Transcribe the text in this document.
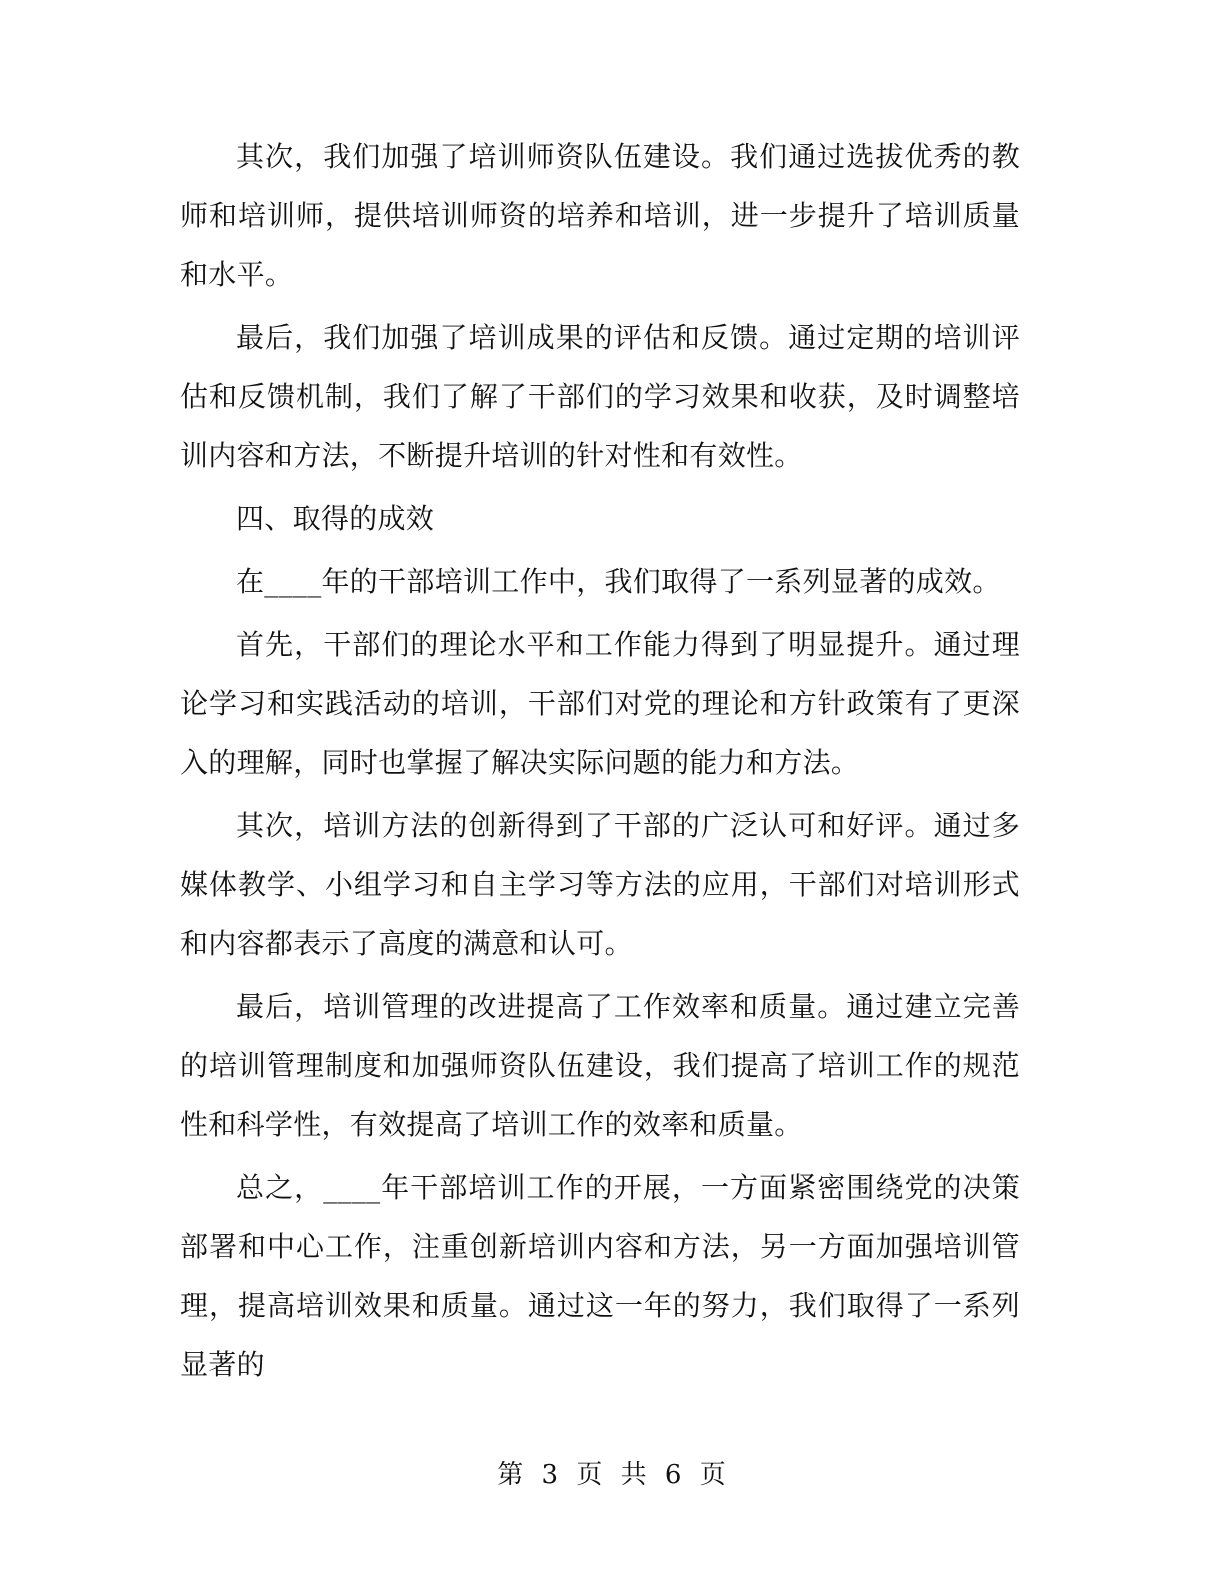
其次，我们加强了培训师资队伍建设。我们通过选拔优秀的教师和培训师，提供培训师资的培养和培训，进一步提升了培训质量和水平。

最后，我们加强了培训成果的评估和反馈。通过定期的培训评估和反馈机制，我们了解了干部们的学习效果和收获，及时调整培训内容和方法，不断提升培训的针对性和有效性。

四、取得的成效

在____年的干部培训工作中，我们取得了一系列显著的成效。

首先，干部们的理论水平和工作能力得到了明显提升。通过理论学习和实践活动的培训，干部们对党的理论和方针政策有了更深入的理解，同时也掌握了解决实际问题的能力和方法。

其次，培训方法的创新得到了干部的广泛认可和好评。通过多媒体教学、小组学习和自主学习等方法的应用，干部们对培训形式和内容都表示了高度的满意和认可。

最后，培训管理的改进提高了工作效率和质量。通过建立完善的培训管理制度和加强师资队伍建设，我们提高了培训工作的规范性和科学性，有效提高了培训工作的效率和质量。

总之，____年干部培训工作的开展，一方面紧密围绕党的决策部署和中心工作，注重创新培训内容和方法，另一方面加强培训管理，提高培训效果和质量。通过这一年的努力，我们取得了一系列显著的

第 3 页 共 6 页
